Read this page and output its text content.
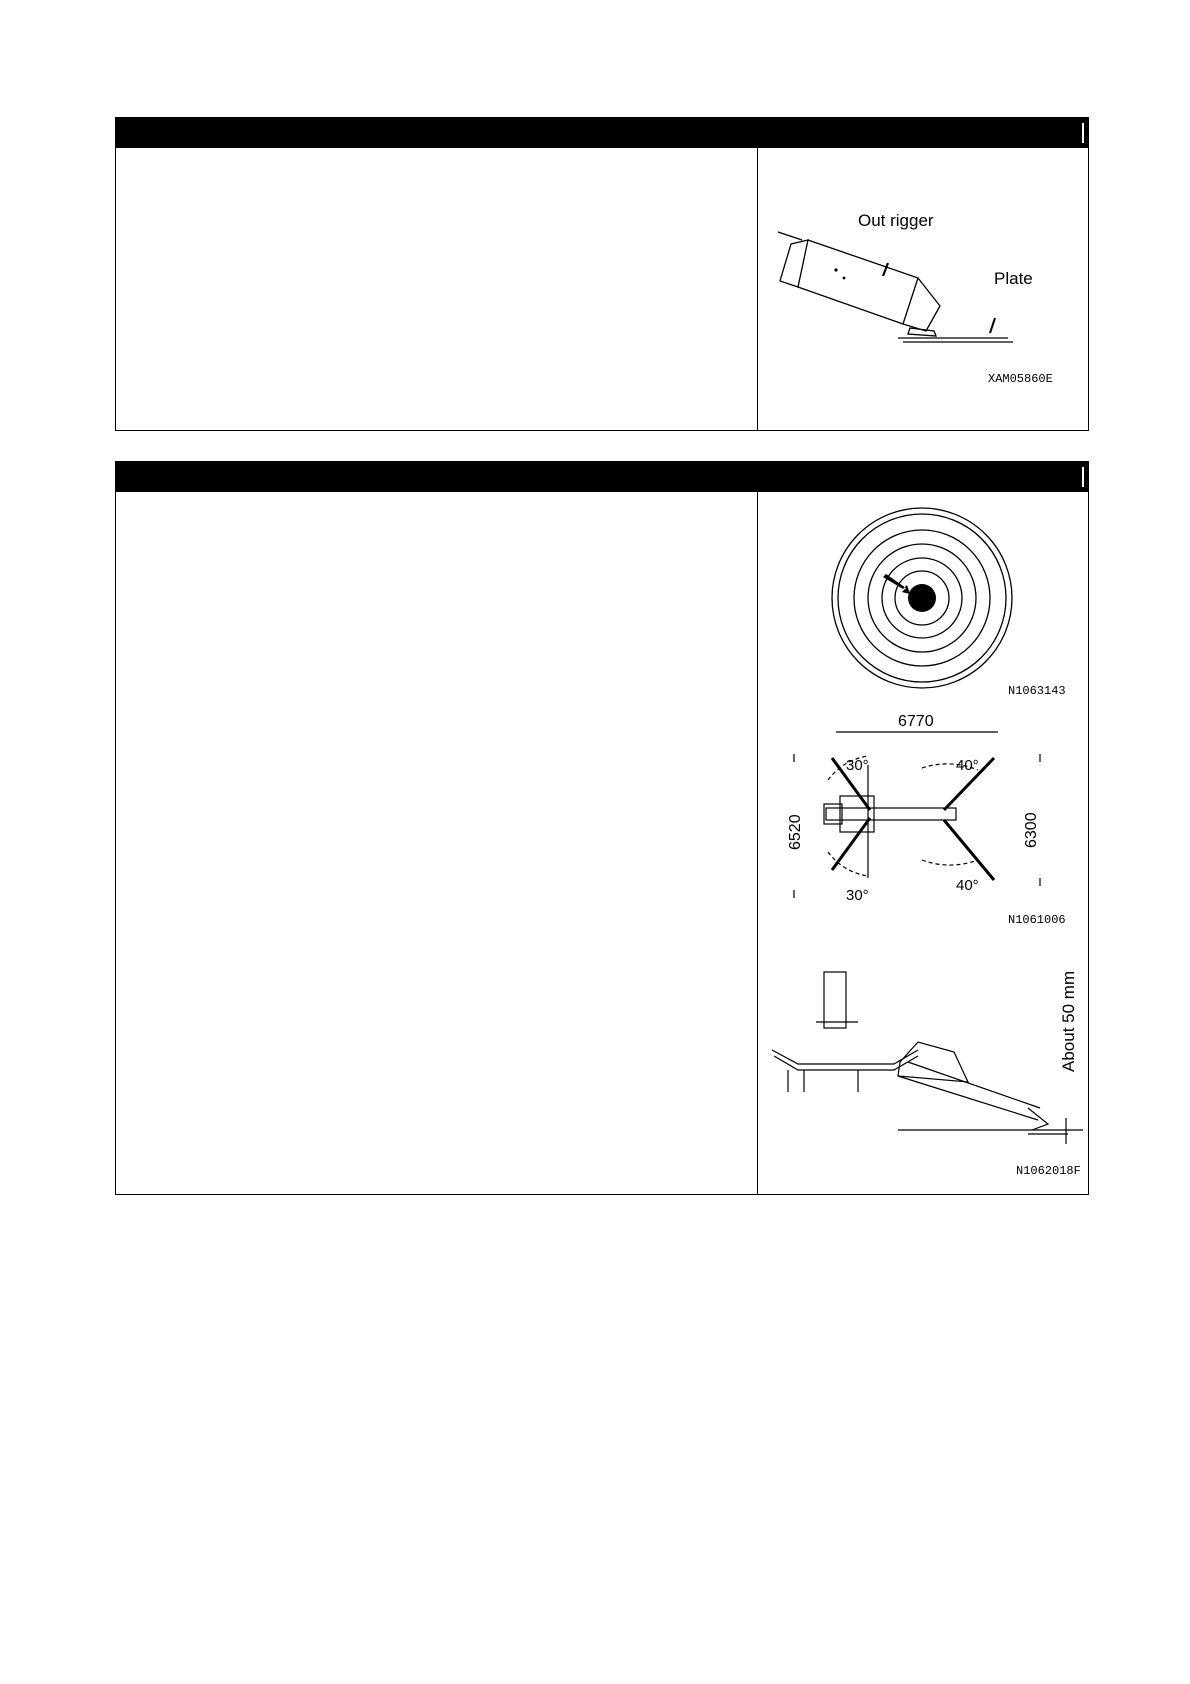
Out rigger
Plate
XAM05860E
N1063143
6770
30°	40°
30°
40°
6520	6300
N1061006
About 50 mm
N1062018F
